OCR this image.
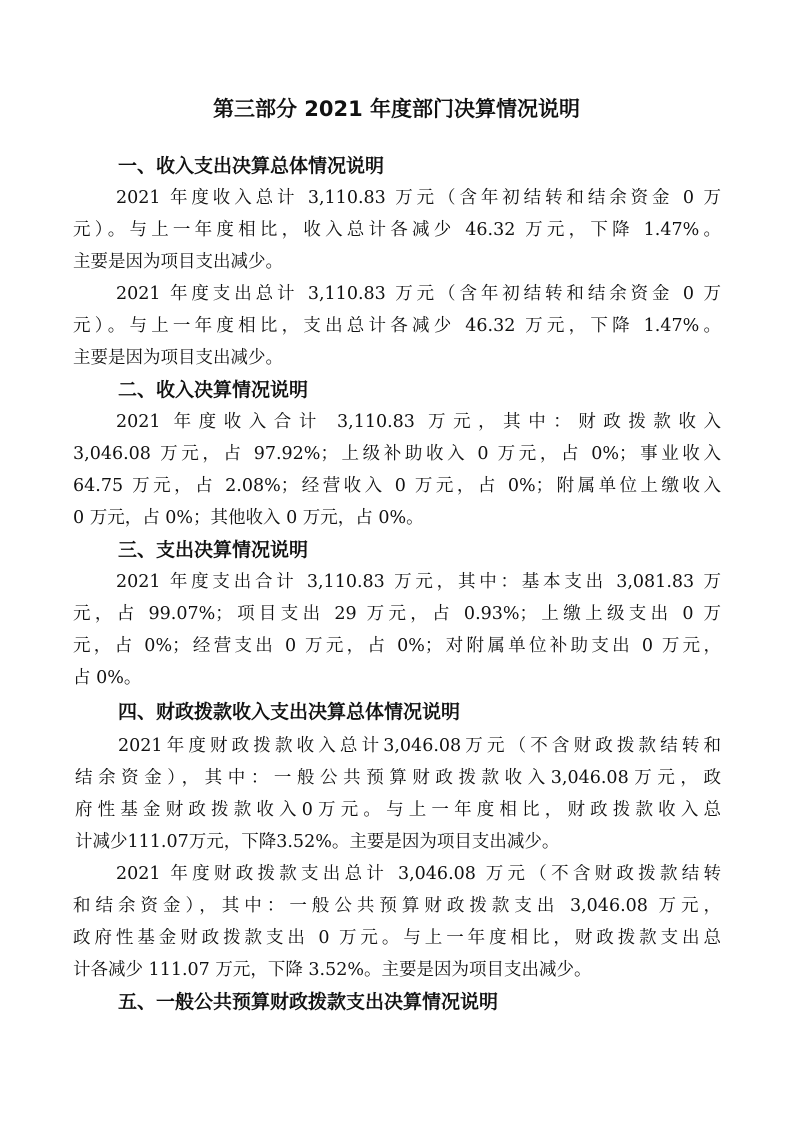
第三部分 2021 年度部门决算情况说明
一、收入支出决算总体情况说明
2021 年度收入总计 3,110.83 万元（含年初结转和结余资金 0 万
元）。与上一年度相比，收入总计各减少 46.32 万元，下降 1.47%。
主要是因为项目支出减少。
2021 年度支出总计 3,110.83 万元（含年初结转和结余资金 0 万
元）。与上一年度相比，支出总计各减少 46.32 万元，下降 1.47%。
主要是因为项目支出减少。
二、收入决算情况说明
2021 年度收入合计 3,110.83 万元，其中：财政拨款收入
3,046.08 万元，占 97.92%；上级补助收入 0 万元，占 0%；事业收入
64.75 万元，占 2.08%；经营收入 0 万元，占 0%；附属单位上缴收入
0 万元，占 0%；其他收入 0 万元，占 0%。
三、支出决算情况说明
2021 年度支出合计 3,110.83 万元，其中：基本支出 3,081.83 万
元，占 99.07%；项目支出 29 万元，占 0.93%；上缴上级支出 0 万
元，占 0%；经营支出 0 万元，占 0%；对附属单位补助支出 0 万元，
占 0%。
四、财政拨款收入支出决算总体情况说明
2021年度财政拨款收入总计3,046.08万元（不含财政拨款结转和
结余资金），其中：一般公共预算财政拨款收入3,046.08万元，政
府性基金财政拨款收入0万元。与上一年度相比，财政拨款收入总
计减少111.07万元，下降3.52%。主要是因为项目支出减少。
2021 年度财政拨款支出总计 3,046.08 万元（不含财政拨款结转
和结余资金），其中：一般公共预算财政拨款支出 3,046.08 万元，
政府性基金财政拨款支出 0 万元。与上一年度相比，财政拨款支出总
计各减少 111.07 万元，下降 3.52%。主要是因为项目支出减少。
五、一般公共预算财政拨款支出决算情况说明
